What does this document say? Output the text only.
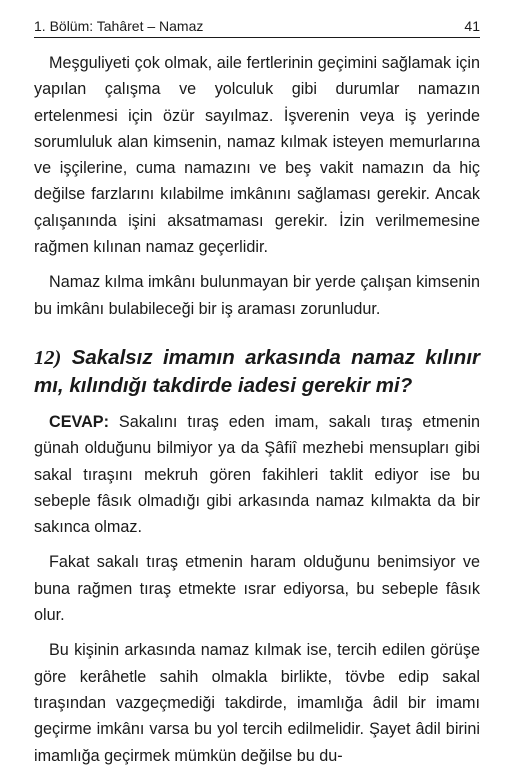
1. Bölüm: Tahâret – Namaz	41

Meşguliyeti çok olmak, aile fertlerinin geçimini sağlamak için yapılan çalışma ve yolculuk gibi durumlar namazın ertelenmesi için özür sayılmaz. İşverenin veya iş yerinde sorumluluk alan kimsenin, namaz kılmak isteyen memurlarına ve işçilerine, cuma namazını ve beş vakit namazın da hiç değilse farzlarını kılabilme imkânını sağlaması gerekir. Ancak çalışanında işini aksatmaması gerekir. İzin verilmemesine rağmen kılınan namaz geçerlidir.

Namaz kılma imkânı bulunmayan bir yerde çalışan kimsenin bu imkânı bulabileceği bir iş araması zorunludur.

12) Sakalsız imamın arkasında namaz kılınır mı, kılındığı takdirde iadesi gerekir mi?

CEVAP: Sakalını tıraş eden imam, sakalı tıraş etmenin günah olduğunu bilmiyor ya da Şâfiî mezhebi mensupları gibi sakal tıraşını mekruh gören fakihleri taklit ediyor ise bu sebeple fâsık olmadığı gibi arkasında namaz kılmakta da bir sakınca olmaz.

Fakat sakalı tıraş etmenin haram olduğunu benimsiyor ve buna rağmen tıraş etmekte ısrar ediyorsa, bu sebeple fâsık olur.

Bu kişinin arkasında namaz kılmak ise, tercih edilen görüşe göre kerâhetle sahih olmakla birlikte, tövbe edip sakal tıraşından vazgeçmediği takdirde, imamlığa âdil bir imamı geçirme imkânı varsa bu yol tercih edilmelidir. Şayet âdil birini imamlığa geçirmek mümkün değilse bu du-
